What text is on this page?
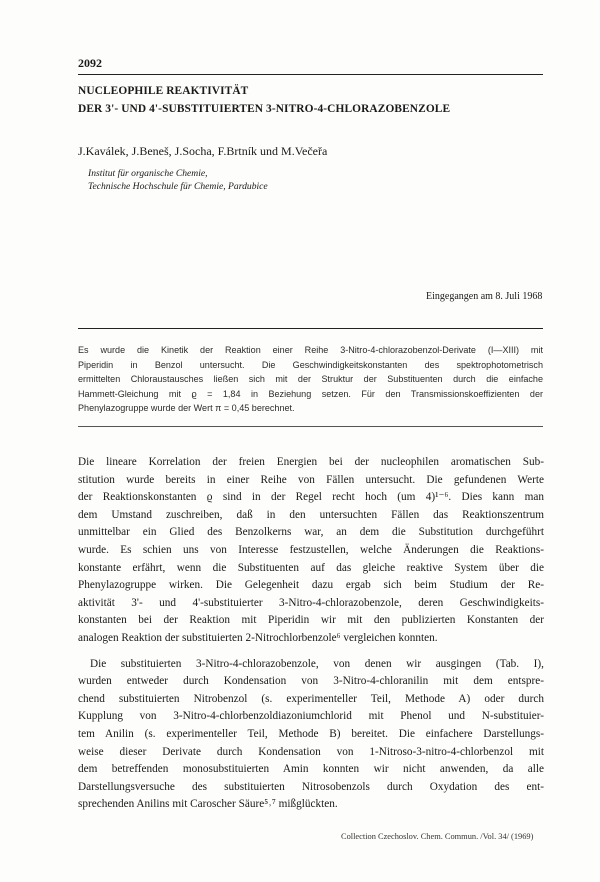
2092
NUCLEOPHILE REAKTIVITÄT
DER 3'- UND 4'-SUBSTITUIERTEN 3-NITRO-4-CHLORAZOBENZOLE
J.Kaválek, J.Beneš, J.Socha, F.Brtník und M.Večeřa
Institut für organische Chemie,
Technische Hochschule für Chemie, Pardubice
Eingegangen am 8. Juli 1968
Es wurde die Kinetik der Reaktion einer Reihe 3-Nitro-4-chlorazobenzol-Derivate (I—XIII) mit
Piperidin in Benzol untersucht. Die Geschwindigkeitskonstanten des spektrophotometrisch
ermittelten Chloraustausches ließen sich mit der Struktur der Substituenten durch die einfache
Hammett-Gleichung mit ϱ = 1,84 in Beziehung setzen. Für den Transmissionskoeffizienten der
Phenylazogruppe wurde der Wert π = 0,45 berechnet.
Die lineare Korrelation der freien Energien bei der nucleophilen aromatischen Sub-
stitution wurde bereits in einer Reihe von Fällen untersucht. Die gefundenen Werte
der Reaktionskonstanten ϱ sind in der Regel recht hoch (um 4)¹⁻⁶. Dies kann man
dem Umstand zuschreiben, daß in den untersuchten Fällen das Reaktionszentrum
unmittelbar ein Glied des Benzolkerns war, an dem die Substitution durchgeführt
wurde. Es schien uns von Interesse festzustellen, welche Änderungen die Reaktions-
konstante erfährt, wenn die Substituenten auf das gleiche reaktive System über die
Phenylazogruppe wirken. Die Gelegenheit dazu ergab sich beim Studium der Re-
aktivität 3'- und 4'-substituierter 3-Nitro-4-chlorazobenzole, deren Geschwindigkeits-
konstanten bei der Reaktion mit Piperidin wir mit den publizierten Konstanten der
analogen Reaktion der substituierten 2-Nitrochlorbenzole⁶ vergleichen konnten.
Die substituierten 3-Nitro-4-chlorazobenzole, von denen wir ausgingen (Tab. I),
wurden entweder durch Kondensation von 3-Nitro-4-chloranilin mit dem entspre-
chend substituierten Nitrobenzol (s. experimenteller Teil, Methode A) oder durch
Kupplung von 3-Nitro-4-chlorbenzoldiazoniumchlorid mit Phenol und N-substituier-
tem Anilin (s. experimenteller Teil, Methode B) bereitet. Die einfachere Darstellungs-
weise dieser Derivate durch Kondensation von 1-Nitroso-3-nitro-4-chlorbenzol mit
dem betreffenden monosubstituierten Amin konnten wir nicht anwenden, da alle
Darstellungsversuche des substituierten Nitrosobenzols durch Oxydation des ent-
sprechenden Anilins mit Caroscher Säure⁵˒⁷ mißglückten.
Collection Czechoslov. Chem. Commun. /Vol. 34/ (1969)
